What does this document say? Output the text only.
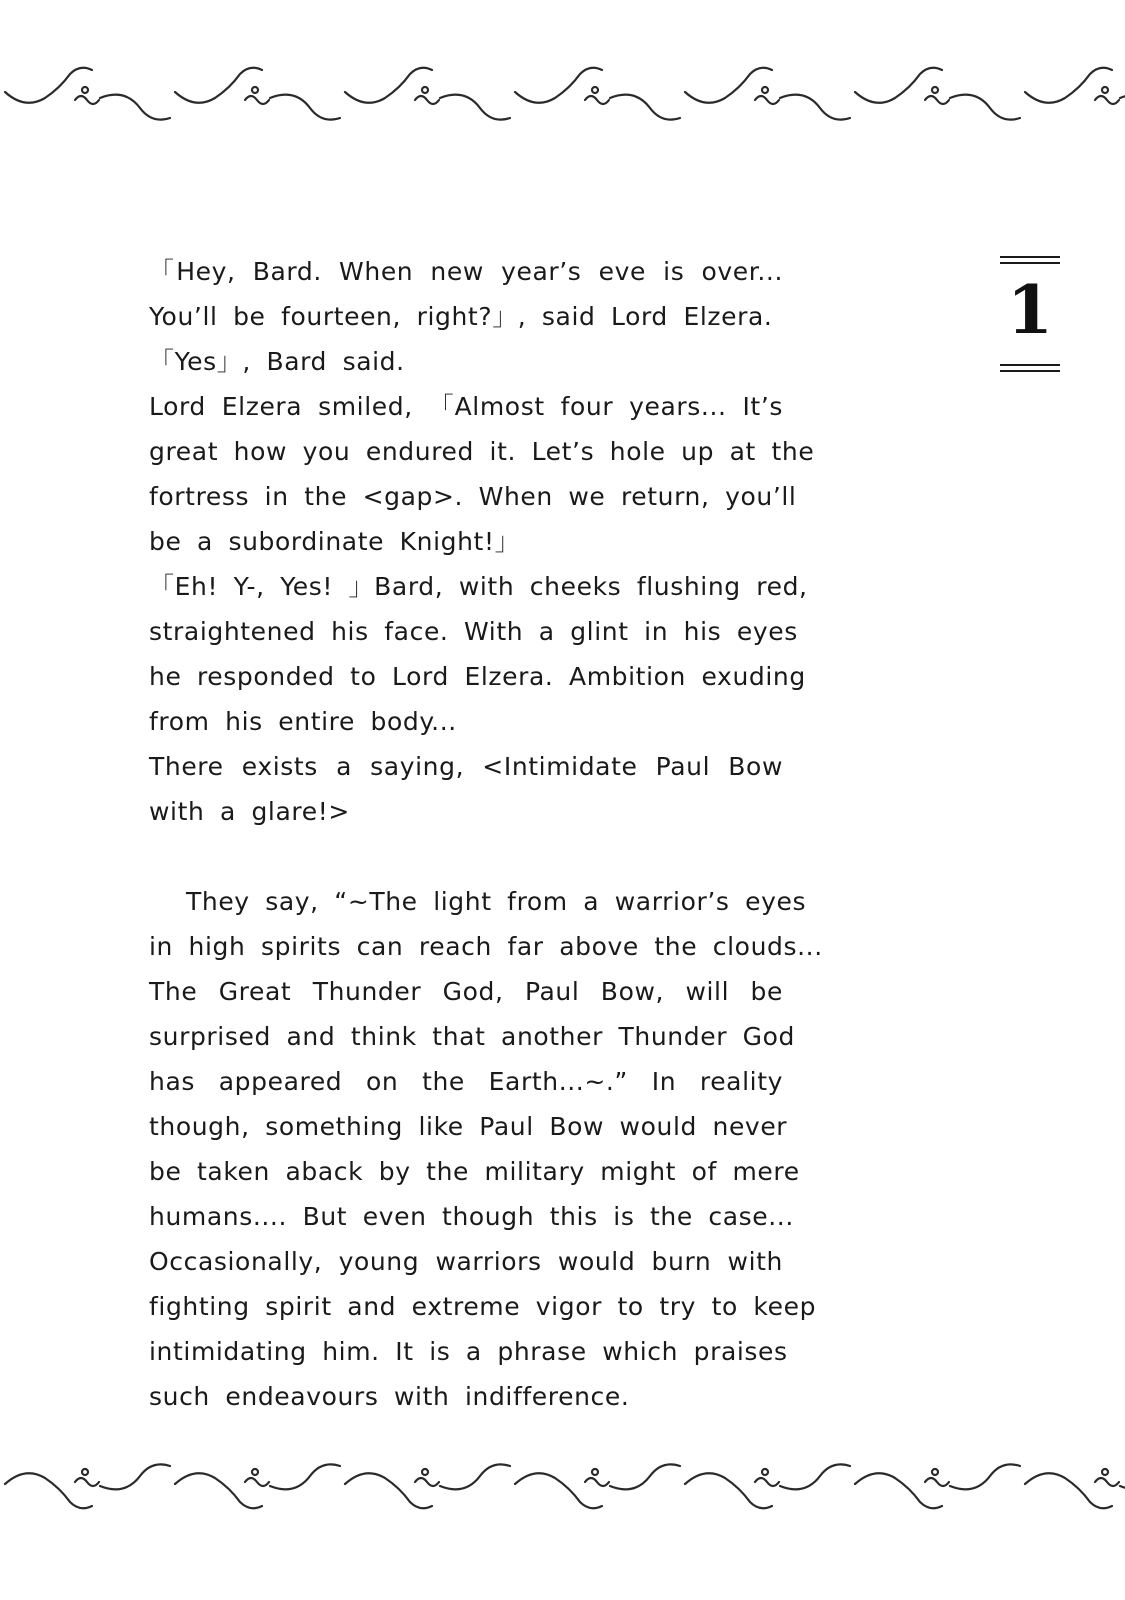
1
「Hey, Bard. When new year’s eve is over...
You’ll be fourteen, right?」, said Lord Elzera.
「Yes」, Bard said.
Lord Elzera smiled, 「Almost four years... It’s
great how you endured it. Let’s hole up at the
fortress in the <gap>. When we return, you’ll
be a subordinate Knight!」
「Eh! Y-, Yes! 」Bard, with cheeks flushing red,
straightened his face. With a glint in his eyes
he responded to Lord Elzera. Ambition exuding
from his entire body...
There exists a saying, <Intimidate Paul Bow
with a glare!>
They say, “~The light from a warrior’s eyes
in high spirits can reach far above the clouds...
The Great Thunder God, Paul Bow, will be
surprised and think that another Thunder God
has appeared on the Earth...~.” In reality
though, something like Paul Bow would never
be taken aback by the military might of mere
humans.... But even though this is the case...
Occasionally, young warriors would burn with
fighting spirit and extreme vigor to try to keep
intimidating him. It is a phrase which praises
such endeavours with indifference.
